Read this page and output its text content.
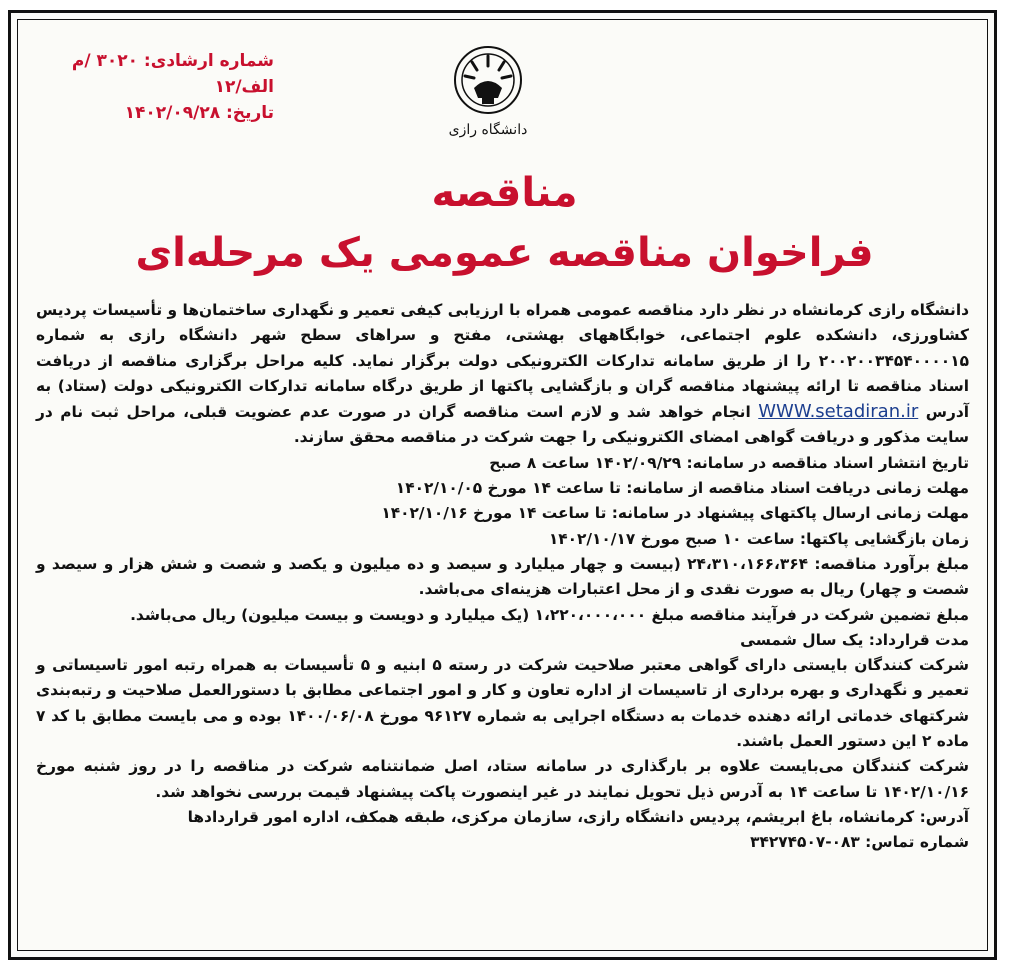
شماره ارشادی: ۳۰۲۰ /م الف/۱۲
تاریخ: ۱۴۰۲/۰۹/۲۸
دانشگاه رازی
مناقصه
فراخوان مناقصه عمومی یک مرحله‌ای

دانشگاه رازی کرمانشاه در نظر دارد مناقصه عمومی همراه با ارزیابی کیفی تعمیر و نگهداری ساختمان‌ها و تأسیسات پردیس کشاورزی، دانشکده علوم اجتماعی، خوابگاههای بهشتی، مفتح و سراهای سطح شهر دانشگاه رازی به شماره ۲۰۰۲۰۰۳۴۵۴۰۰۰۰۱۵ را از طریق سامانه تدارکات الکترونیکی دولت برگزار نماید. کلیه مراحل برگزاری مناقصه از دریافت اسناد مناقصه تا ارائه پیشنهاد مناقصه گران و بازگشایی پاکتها از طریق درگاه سامانه تدارکات الکترونیکی دولت (ستاد) به آدرس WWW.setadiran.ir انجام خواهد شد و لازم است مناقصه گران در صورت عدم عضویت قبلی، مراحل ثبت نام در سایت مذکور و دریافت گواهی امضای الکترونیکی را جهت شرکت در مناقصه محقق سازند.

تاریخ انتشار اسناد مناقصه در سامانه: ۱۴۰۲/۰۹/۲۹ ساعت ۸ صبح

مهلت زمانی دریافت اسناد مناقصه از سامانه: تا ساعت ۱۴ مورخ ۱۴۰۲/۱۰/۰۵

مهلت زمانی ارسال پاکتهای پیشنهاد در سامانه: تا ساعت ۱۴ مورخ ۱۴۰۲/۱۰/۱۶

زمان بازگشایی پاکتها: ساعت ۱۰ صبح مورخ ۱۴۰۲/۱۰/۱۷

مبلغ برآورد مناقصه: ۲۴،۳۱۰،۱۶۶،۳۶۴ (بیست و چهار میلیارد و سیصد و ده میلیون و یکصد و شصت و شش هزار و سیصد و شصت و چهار) ریال به صورت نقدی و از محل اعتبارات هزینه‌ای می‌باشد.

مبلغ تضمین شرکت در فرآیند مناقصه مبلغ ۱،۲۲۰،۰۰۰،۰۰۰ (یک میلیارد و دویست و بیست میلیون) ریال می‌باشد.

مدت قرارداد: یک سال شمسی

شرکت کنندگان بایستی دارای گواهی معتبر صلاحیت شرکت در رسته ۵ ابنیه و ۵ تأسیسات به همراه رتبه امور تاسیساتی و تعمیر و نگهداری و بهره برداری از تاسیسات از اداره تعاون و کار و امور اجتماعی مطابق با دستورالعمل صلاحیت و رتبه‌بندی شرکتهای خدماتی ارائه دهنده خدمات به دستگاه اجرایی به شماره ۹۶۱۲۷ مورخ ۱۴۰۰/۰۶/۰۸ بوده و می بایست مطابق با کد ۷ ماده ۲ این دستور العمل باشند.

شرکت کنندگان می‌بایست علاوه بر بارگذاری در سامانه ستاد، اصل ضمانتنامه شرکت در مناقصه را در روز شنبه مورخ ۱۴۰۲/۱۰/۱۶ تا ساعت ۱۴ به آدرس ذیل تحویل نمایند در غیر اینصورت پاکت پیشنهاد قیمت بررسی نخواهد شد.

آدرس: کرمانشاه، باغ ابریشم، پردیس دانشگاه رازی، سازمان مرکزی، طبقه همکف، اداره امور قراردادها

شماره تماس: ۰۸۳-۳۴۲۷۴۵۰۷
